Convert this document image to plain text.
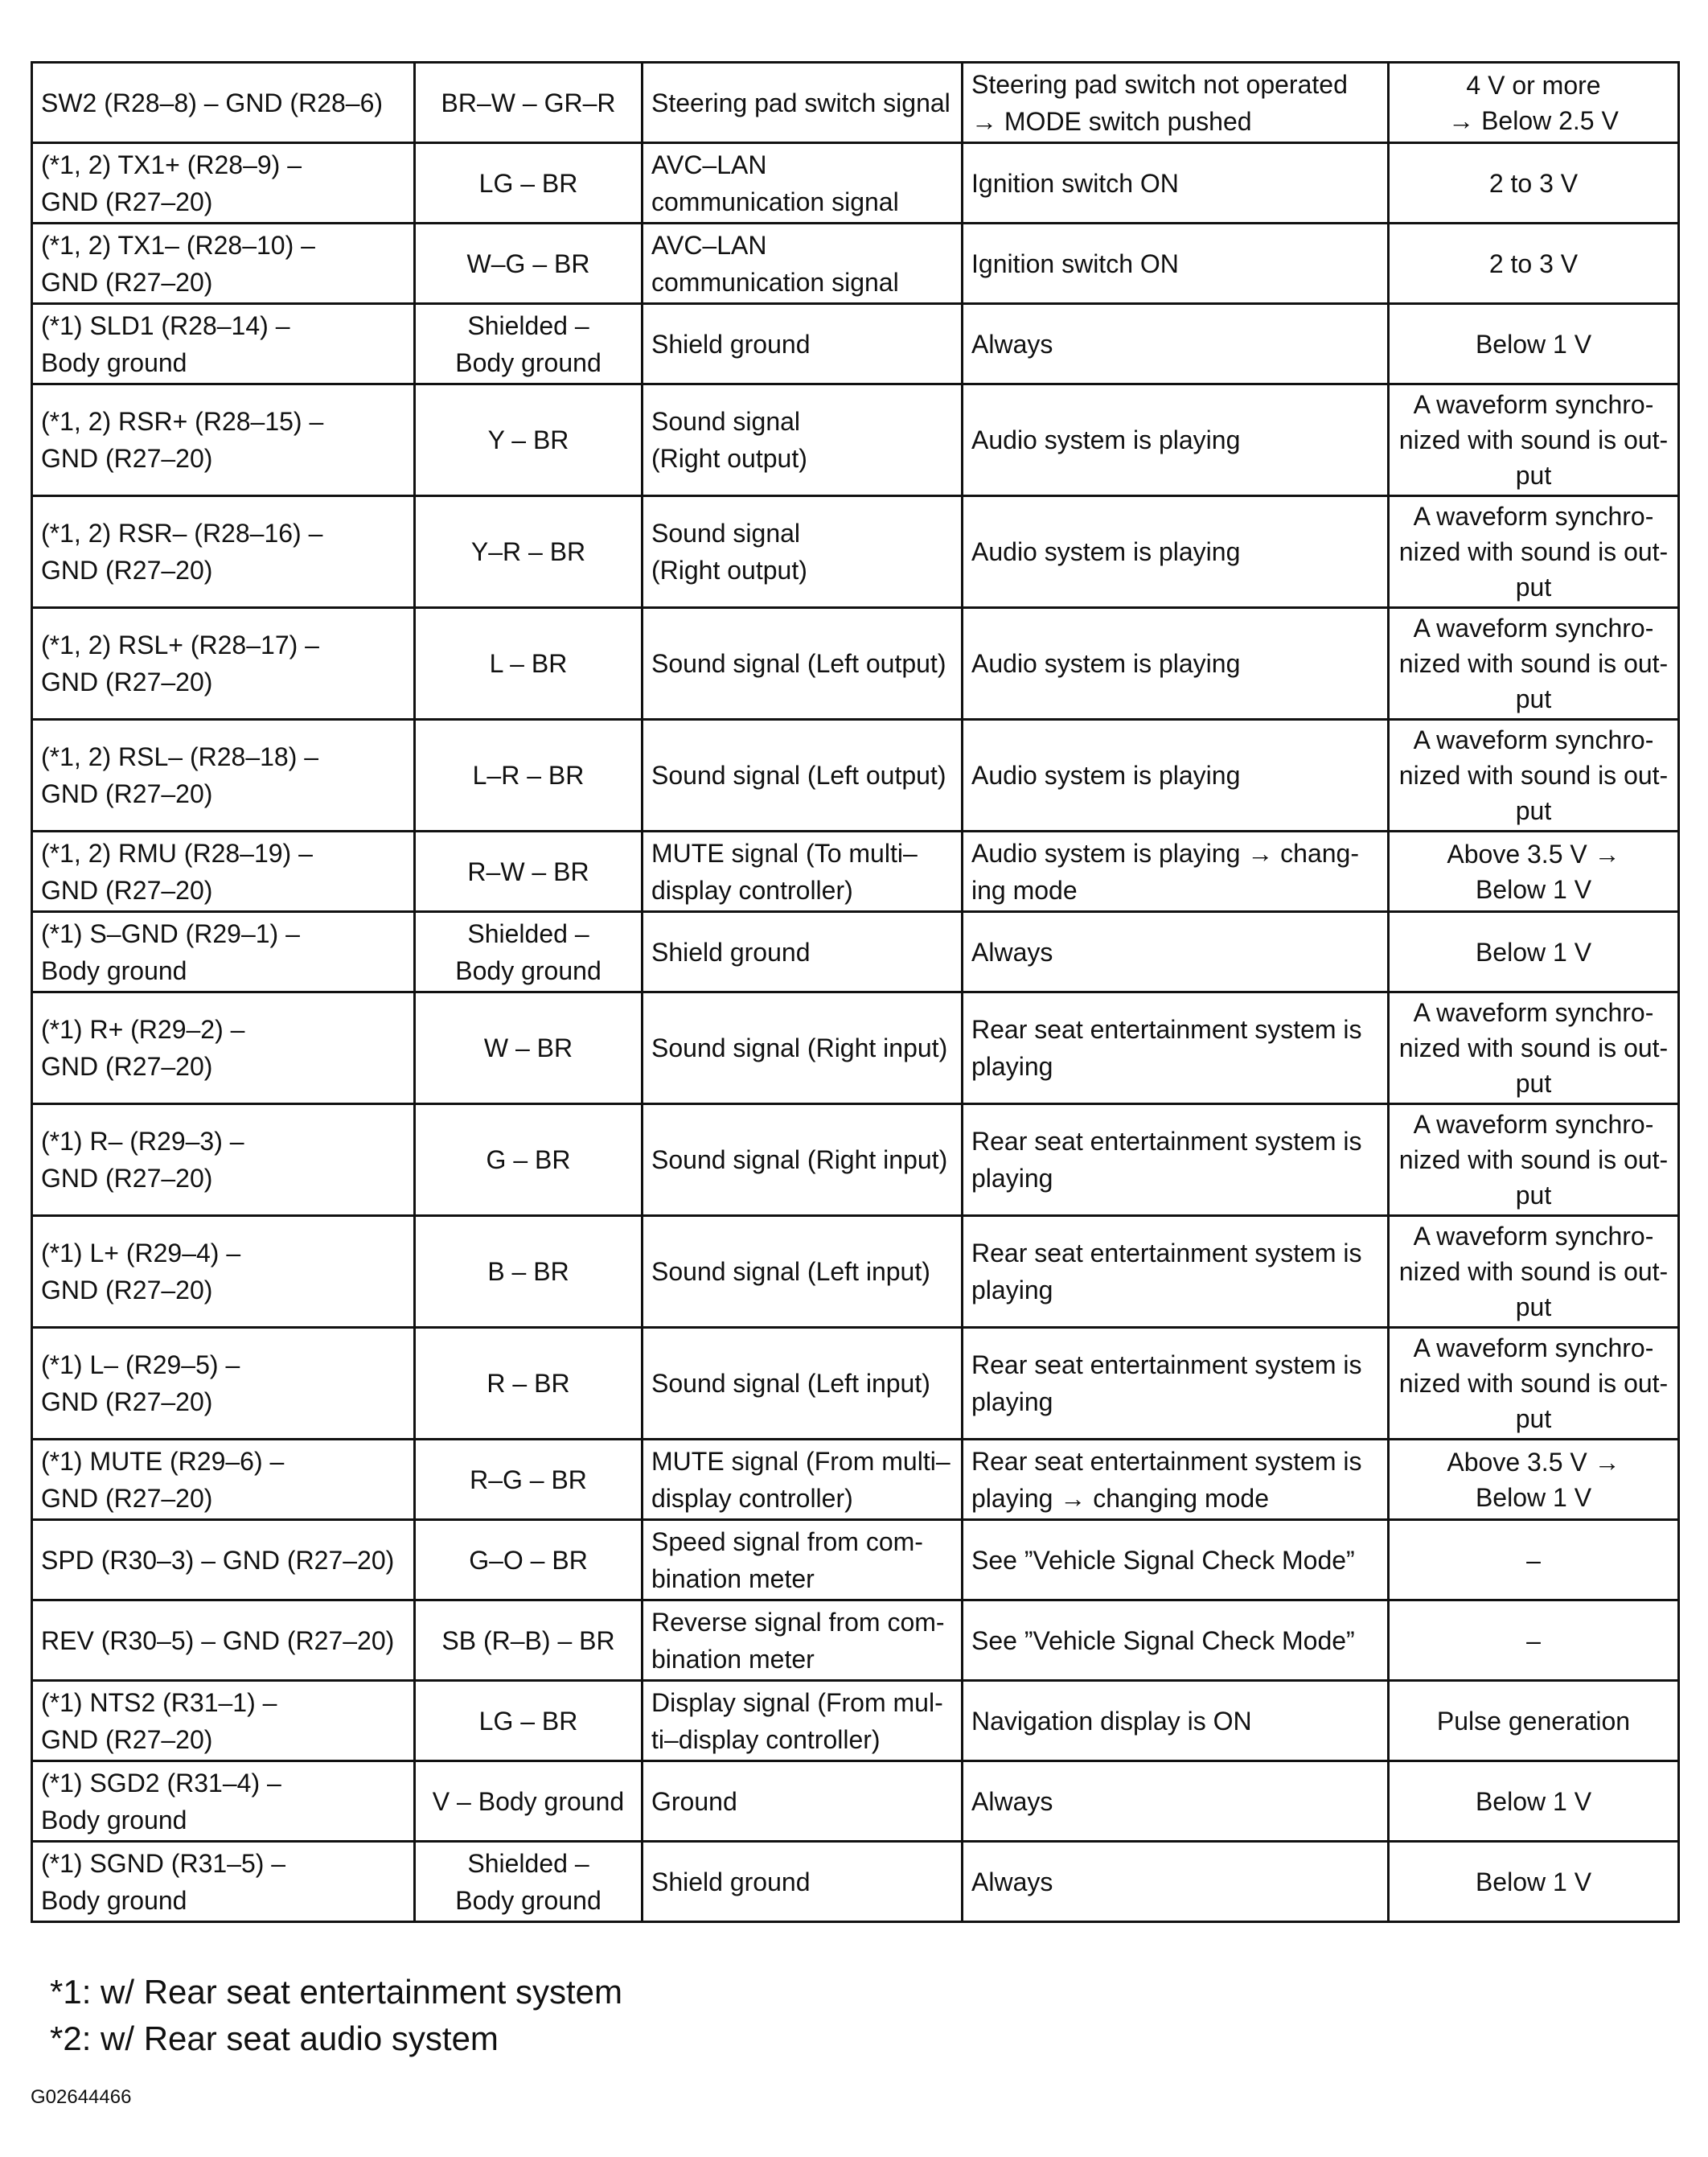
SW2 (R28–8) – GND (R28–6)	BR–W – GR–R	Steering pad switch signal	Steering pad switch not operated
→ MODE switch pushed	4 V or more
→ Below 2.5 V
(*1, 2) TX1+ (R28–9) –
GND (R27–20)	LG – BR	AVC–LAN
communication signal	Ignition switch ON	2 to 3 V
(*1, 2) TX1– (R28–10) –
GND (R27–20)	W–G – BR	AVC–LAN
communication signal	Ignition switch ON	2 to 3 V
(*1) SLD1 (R28–14) –
Body ground	Shielded –
Body ground	Shield ground	Always	Below 1 V
(*1, 2) RSR+ (R28–15) –
GND (R27–20)	Y – BR	Sound signal
(Right output)	Audio system is playing	A waveform synchro-
nized with sound is out-
put
(*1, 2) RSR– (R28–16) –
GND (R27–20)	Y–R – BR	Sound signal
(Right output)	Audio system is playing	A waveform synchro-
nized with sound is out-
put
(*1, 2) RSL+ (R28–17) –
GND (R27–20)	L – BR	Sound signal (Left output)	Audio system is playing	A waveform synchro-
nized with sound is out-
put
(*1, 2) RSL– (R28–18) –
GND (R27–20)	L–R – BR	Sound signal (Left output)	Audio system is playing	A waveform synchro-
nized with sound is out-
put
(*1, 2) RMU (R28–19) –
GND (R27–20)	R–W – BR	MUTE signal (To multi–
display controller)	Audio system is playing → chang-
ing mode	Above 3.5 V →
Below 1 V
(*1) S–GND (R29–1) –
Body ground	Shielded –
Body ground	Shield ground	Always	Below 1 V
(*1) R+ (R29–2) –
GND (R27–20)	W – BR	Sound signal (Right input)	Rear seat entertainment system is
playing	A waveform synchro-
nized with sound is out-
put
(*1) R– (R29–3) –
GND (R27–20)	G – BR	Sound signal (Right input)	Rear seat entertainment system is
playing	A waveform synchro-
nized with sound is out-
put
(*1) L+ (R29–4) –
GND (R27–20)	B – BR	Sound signal (Left input)	Rear seat entertainment system is
playing	A waveform synchro-
nized with sound is out-
put
(*1) L– (R29–5) –
GND (R27–20)	R – BR	Sound signal (Left input)	Rear seat entertainment system is
playing	A waveform synchro-
nized with sound is out-
put
(*1) MUTE (R29–6) –
GND (R27–20)	R–G – BR	MUTE signal (From multi–
display controller)	Rear seat entertainment system is
playing → changing mode	Above 3.5 V →
Below 1 V
SPD (R30–3) – GND (R27–20)	G–O – BR	Speed signal from com-
bination meter	See ”Vehicle Signal Check Mode”	–
REV (R30–5) – GND (R27–20)	SB (R–B) – BR	Reverse signal from com-
bination meter	See ”Vehicle Signal Check Mode”	–
(*1) NTS2 (R31–1) –
GND (R27–20)	LG – BR	Display signal (From mul-
ti–display controller)	Navigation display is ON	Pulse generation
(*1) SGD2 (R31–4) –
Body ground	V – Body ground	Ground	Always	Below 1 V
(*1) SGND (R31–5) –
Body ground	Shielded –
Body ground	Shield ground	Always	Below 1 V
*1: w/ Rear seat entertainment system
*2: w/ Rear seat audio system
G02644466
